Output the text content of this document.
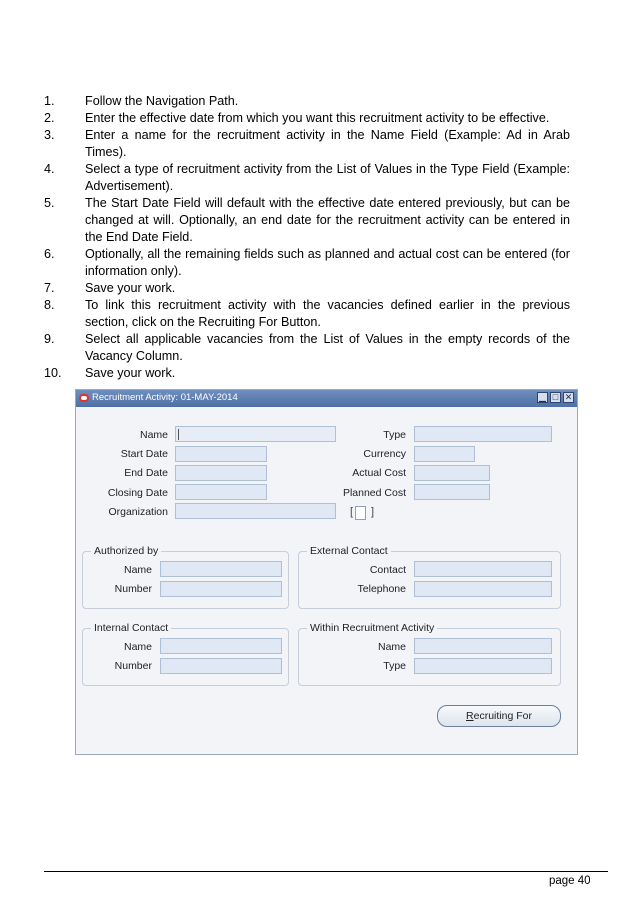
1. Follow the Navigation Path.
2. Enter the effective date from which you want this recruitment activity to be effective.
3. Enter a name for the recruitment activity in the Name Field (Example: Ad in Arab Times).
4. Select a type of recruitment activity from the List of Values in the Type Field (Example: Advertisement).
5. The Start Date Field will default with the effective date entered previously, but can be changed at will. Optionally, an end date for the recruitment activity can be entered in the End Date Field.
6. Optionally, all the remaining fields such as planned and actual cost can be entered (for information only).
7. Save your work.
8. To link this recruitment activity with the vacancies defined earlier in the previous section, click on the Recruiting For Button.
9. Select all applicable vacancies from the List of Values in the empty records of the Vacancy Column.
10. Save your work.
Recruitment Activity: 01-MAY-2014	▁ □ ✕
Name
Start Date
End Date
Closing Date
Organization
Type
Currency
Actual Cost
Planned Cost
[ ]
Authorized by
Name
Number
External Contact
Contact
Telephone
Internal Contact
Name
Number
Within Recruitment Activity
Name
Type
Recruiting For
page 40
